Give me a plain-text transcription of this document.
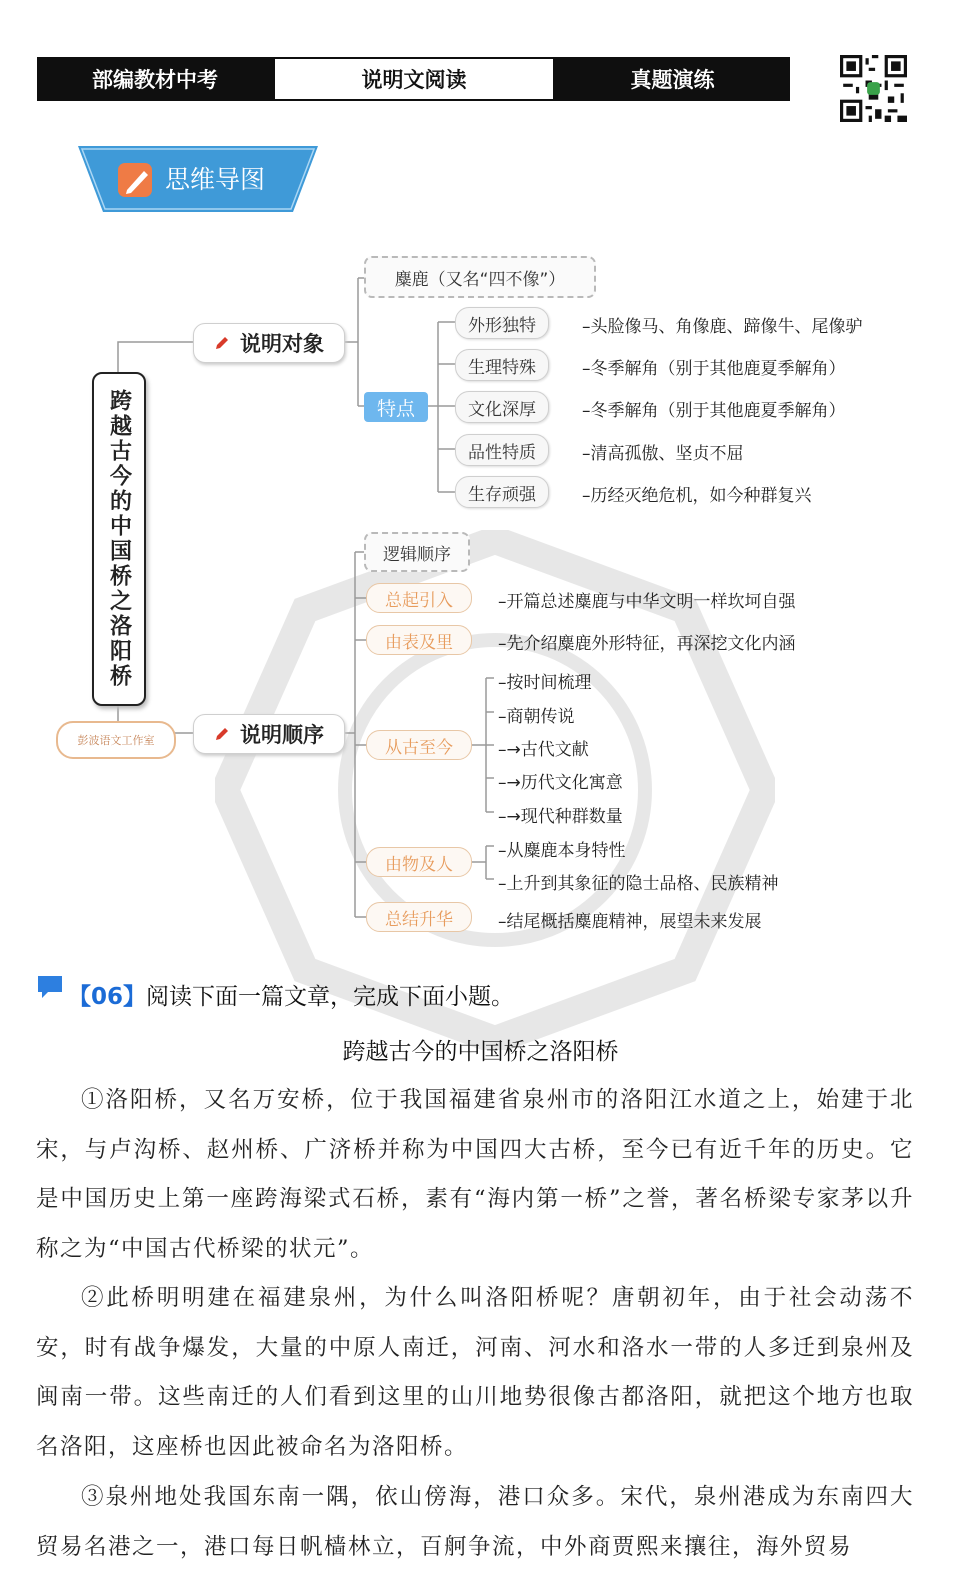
部编教材中考	说明文阅读	真题演练
思维导图
跨越古今的中国桥之洛阳桥
彭波语文工作室
说明对象
麋鹿（又名“四不像”）
特点
外形独特	–头脸像马、角像鹿、蹄像牛、尾像驴
生理特殊	–冬季解角（别于其他鹿夏季解角）
文化深厚	–冬季解角（别于其他鹿夏季解角）
品性特质	–清高孤傲、坚贞不屈
生存顽强	–历经灭绝危机，如今种群复兴
说明顺序
逻辑顺序
总起引入	–开篇总述麋鹿与中华文明一样坎坷自强
由表及里	–先介绍麋鹿外形特征，再深挖文化内涵
从古至今
–按时间梳理
–商朝传说
–→古代文献
–→历代文化寓意
–→现代种群数量
由物及人
–从麋鹿本身特性
–上升到其象征的隐士品格、民族精神
总结升华	–结尾概括麋鹿精神，展望未来发展
【06】阅读下面一篇文章，完成下面小题。
跨越古今的中国桥之洛阳桥

①洛阳桥，又名万安桥，位于我国福建省泉州市的洛阳江水道之上，始建于北宋，与卢沟桥、赵州桥、广济桥并称为中国四大古桥，至今已有近千年的历史。它是中国历史上第一座跨海梁式石桥，素有“海内第一桥”之誉，著名桥梁专家茅以升称之为“中国古代桥梁的状元”。

②此桥明明建在福建泉州，为什么叫洛阳桥呢？唐朝初年，由于社会动荡不安，时有战争爆发，大量的中原人南迁，河南、河水和洛水一带的人多迁到泉州及闽南一带。这些南迁的人们看到这里的山川地势很像古都洛阳，就把这个地方也取名洛阳，这座桥也因此被命名为洛阳桥。

③泉州地处我国东南一隅，依山傍海，港口众多。宋代，泉州港成为东南四大贸易名港之一，港口每日帆樯林立，百舸争流，中外商贾熙来攘往，海外贸易
